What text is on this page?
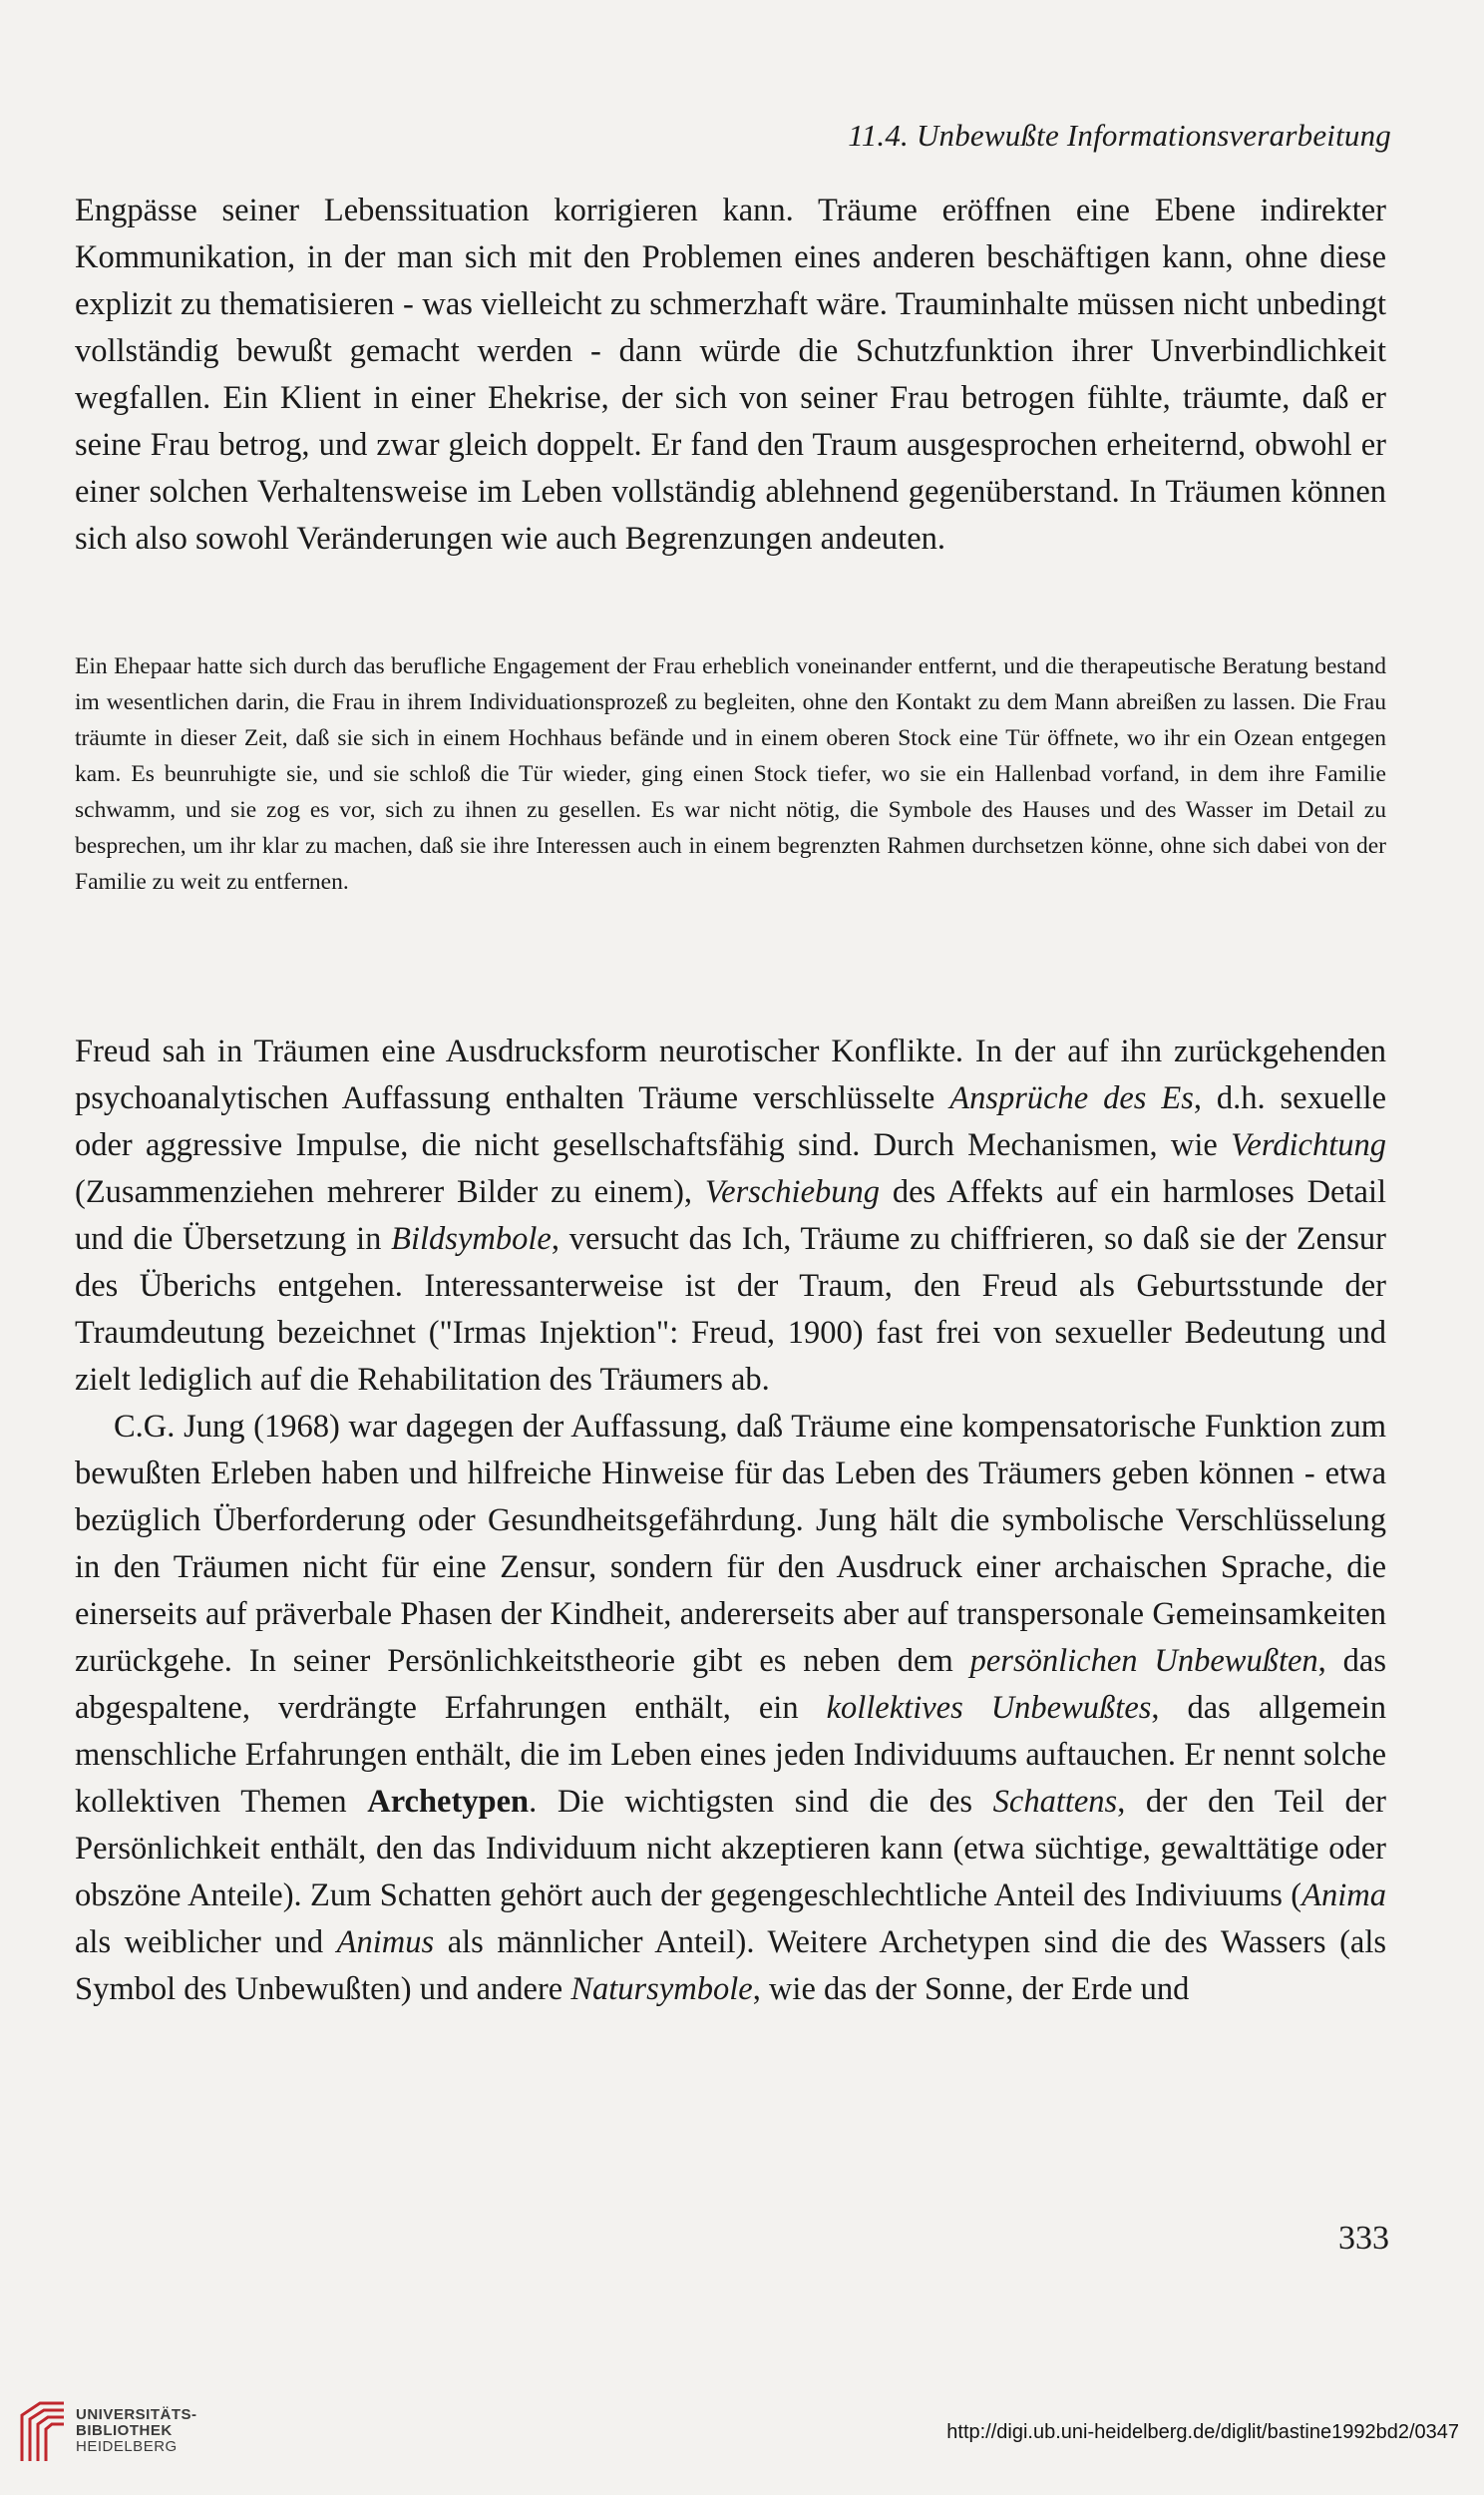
11.4. Unbewußte Informationsverarbeitung

Engpässe seiner Lebenssituation korrigieren kann. Träume eröffnen eine Ebene indirekter Kommunikation, in der man sich mit den Problemen eines anderen beschäftigen kann, ohne diese explizit zu thematisieren - was vielleicht zu schmerzhaft wäre. Trauminhalte müssen nicht unbedingt vollständig bewußt gemacht werden - dann würde die Schutzfunktion ihrer Unverbindlichkeit wegfallen. Ein Klient in einer Ehekrise, der sich von seiner Frau betrogen fühlte, träumte, daß er seine Frau betrog, und zwar gleich doppelt. Er fand den Traum ausgesprochen erheiternd, obwohl er einer solchen Verhaltensweise im Leben vollständig ablehnend gegenüberstand. In Träumen können sich also sowohl Veränderungen wie auch Begrenzungen andeuten.

Ein Ehepaar hatte sich durch das berufliche Engagement der Frau erheblich voneinander entfernt, und die therapeutische Beratung bestand im wesentlichen darin, die Frau in ihrem Individuationsprozeß zu begleiten, ohne den Kontakt zu dem Mann abreißen zu lassen. Die Frau träumte in dieser Zeit, daß sie sich in einem Hochhaus befände und in einem oberen Stock eine Tür öffnete, wo ihr ein Ozean entgegen kam. Es beunruhigte sie, und sie schloß die Tür wieder, ging einen Stock tiefer, wo sie ein Hallenbad vorfand, in dem ihre Familie schwamm, und sie zog es vor, sich zu ihnen zu gesellen. Es war nicht nötig, die Symbole des Hauses und des Wasser im Detail zu besprechen, um ihr klar zu machen, daß sie ihre Interessen auch in einem begrenzten Rahmen durchsetzen könne, ohne sich dabei von der Familie zu weit zu entfernen.

Freud sah in Träumen eine Ausdrucksform neurotischer Konflikte. In der auf ihn zurückgehenden psychoanalytischen Auffassung enthalten Träume verschlüsselte Ansprüche des Es, d.h. sexuelle oder aggressive Impulse, die nicht gesellschaftsfähig sind. Durch Mechanismen, wie Verdichtung (Zusammenziehen mehrerer Bilder zu einem), Verschiebung des Affekts auf ein harmloses Detail und die Übersetzung in Bildsymbole, versucht das Ich, Träume zu chiffrieren, so daß sie der Zensur des Überichs entgehen. Interessanterweise ist der Traum, den Freud als Geburtsstunde der Traumdeutung bezeichnet ("Irmas Injektion": Freud, 1900) fast frei von sexueller Bedeutung und zielt lediglich auf die Rehabilitation des Träumers ab.

C.G. Jung (1968) war dagegen der Auffassung, daß Träume eine kompensatorische Funktion zum bewußten Erleben haben und hilfreiche Hinweise für das Leben des Träumers geben können - etwa bezüglich Überforderung oder Gesundheitsgefährdung. Jung hält die symbolische Verschlüsselung in den Träumen nicht für eine Zensur, sondern für den Ausdruck einer archaischen Sprache, die einerseits auf präverbale Phasen der Kindheit, andererseits aber auf transpersonale Gemeinsamkeiten zurückgehe. In seiner Persönlichkeitstheorie gibt es neben dem persönlichen Unbewußten, das abgespaltene, verdrängte Erfahrungen enthält, ein kollektives Unbewußtes, das allgemein menschliche Erfahrungen enthält, die im Leben eines jeden Individuums auftauchen. Er nennt solche kollektiven Themen Archetypen. Die wichtigsten sind die des Schattens, der den Teil der Persönlichkeit enthält, den das Individuum nicht akzeptieren kann (etwa süchtige, gewalttätige oder obszöne Anteile). Zum Schatten gehört auch der gegengeschlechtliche Anteil des Indiviuums (Anima als weiblicher und Animus als männlicher Anteil). Weitere Archetypen sind die des Wassers (als Symbol des Unbewußten) und andere Natursymbole, wie das der Sonne, der Erde und

333
UNIVERSITÄTS-
BIBLIOTHEK
HEIDELBERG
http://digi.ub.uni-heidelberg.de/diglit/bastine1992bd2/0347
